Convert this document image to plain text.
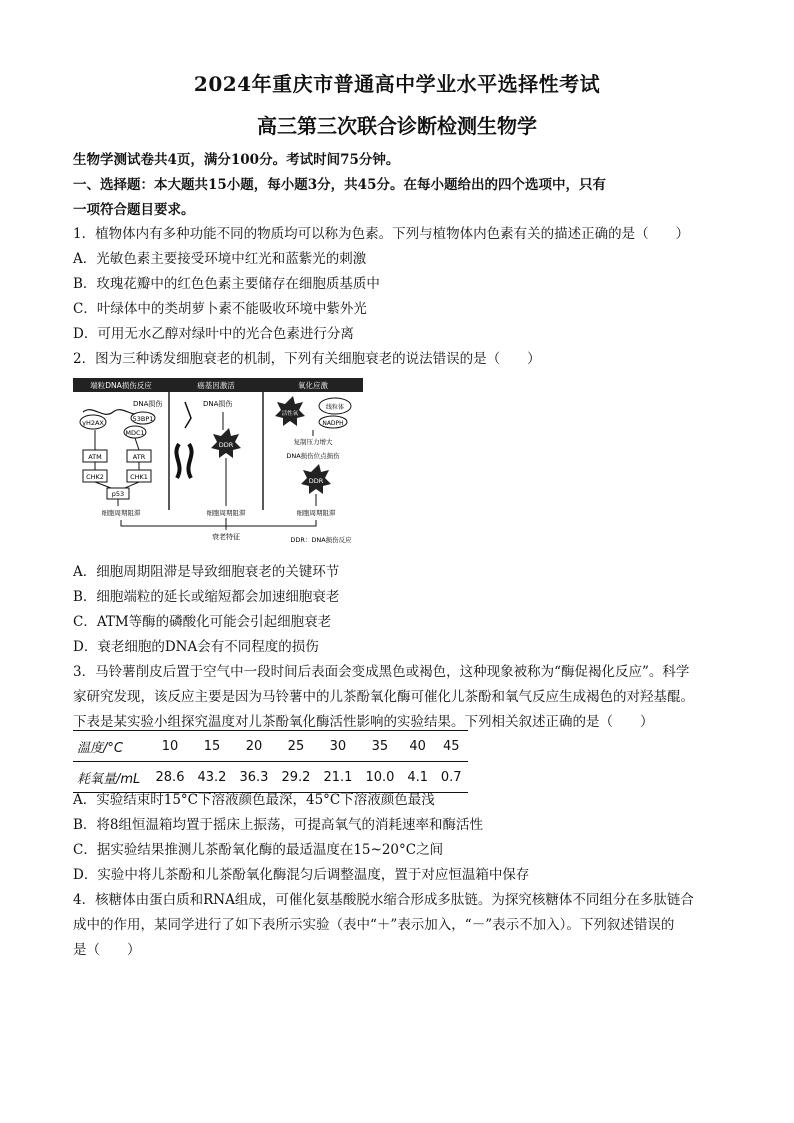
2024年重庆市普通高中学业水平选择性考试
高三第三次联合诊断检测生物学
生物学测试卷共4页，满分100分。考试时间75分钟。
一、选择题：本大题共15小题，每小题3分，共45分。在每小题给出的四个选项中，只有
一项符合题目要求。
1．植物体内有多种功能不同的物质均可以称为色素。下列与植物体内色素有关的描述正确的是（　　）
A．光敏色素主要接受环境中红光和蓝紫光的刺激
B．玫瑰花瓣中的红色色素主要储存在细胞质基质中
C．叶绿体中的类胡萝卜素不能吸收环境中紫外光
D．可用无水乙醇对绿叶中的光合色素进行分离
2．图为三种诱发细胞衰老的机制，下列有关细胞衰老的说法错误的是（　　）
端粒DNA损伤反应	癌基因激活	氧化应激
DNA损伤
γH2AX	53BP1
MDC1
ATM	ATR
CHK2	CHK1
p53
DNA损伤
DDR
活性氧
线粒体
NADPH
复制压力增大
DNA损伤位点损伤
DDR
细胞周期阻滞	细胞周期阻滞	细胞周期阻滞
衰老特征	DDR：DNA损伤反应
A．细胞周期阻滞是导致细胞衰老的关键环节
B．细胞端粒的延长或缩短都会加速细胞衰老
C．ATM等酶的磷酸化可能会引起细胞衰老
D．衰老细胞的DNA会有不同程度的损伤
3．马铃薯削皮后置于空气中一段时间后表面会变成黑色或褐色，这种现象被称为“酶促褐化反应”。科学
家研究发现，该反应主要是因为马铃薯中的儿茶酚氧化酶可催化儿茶酚和氧气反应生成褐色的对羟基醌。
下表是某实验小组探究温度对儿茶酚氧化酶活性影响的实验结果。下列相关叙述正确的是（　　）
温度/°C	10	15	20	25	30	35	40	45
耗氧量/mL	28.6	43.2	36.3	29.2	21.1	10.0	4.1	0.7
A．实验结束时15°C下溶液颜色最深，45°C下溶液颜色最浅
B．将8组恒温箱均置于摇床上振荡，可提高氧气的消耗速率和酶活性
C．据实验结果推测儿茶酚氧化酶的最适温度在15~20°C之间
D．实验中将儿茶酚和儿茶酚氧化酶混匀后调整温度，置于对应恒温箱中保存
4．核糖体由蛋白质和RNA组成，可催化氨基酸脱水缩合形成多肽链。为探究核糖体不同组分在多肽链合
成中的作用，某同学进行了如下表所示实验（表中“＋”表示加入，“－”表示不加入）。下列叙述错误的
是（　　）
